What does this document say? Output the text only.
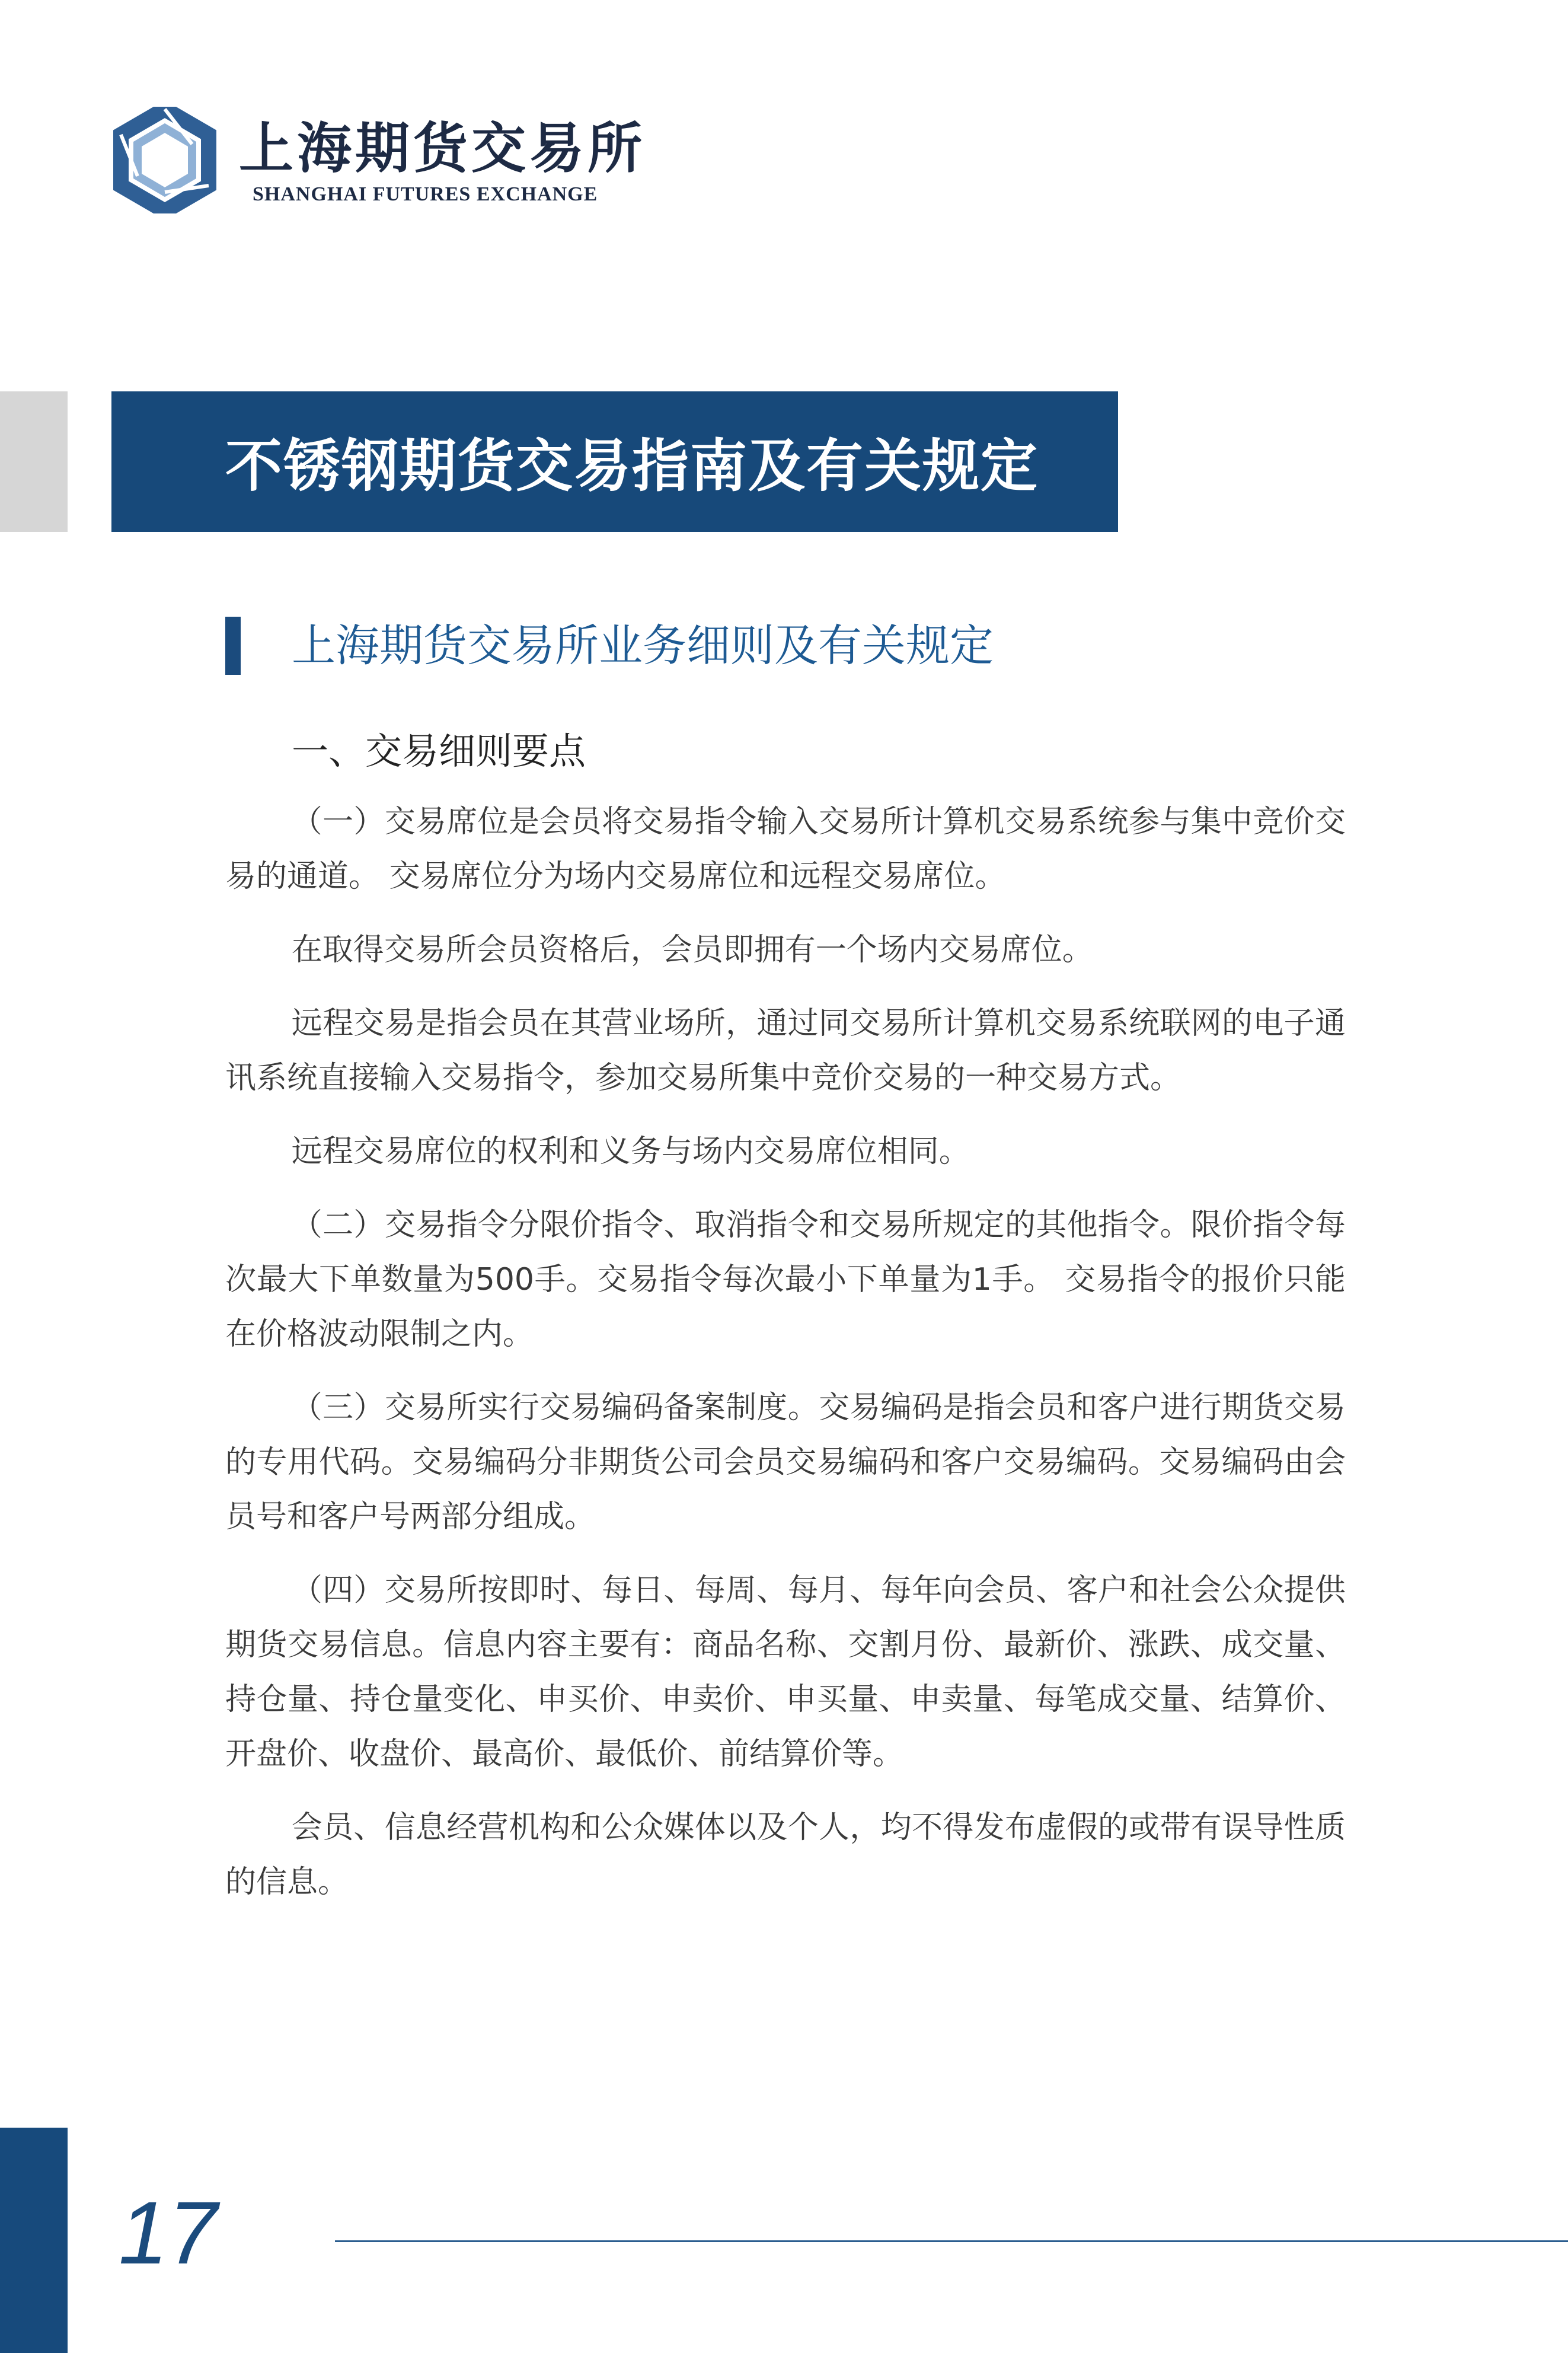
上海期货交易所
SHANGHAI FUTURES EXCHANGE
不锈钢期货交易指南及有关规定
上海期货交易所业务细则及有关规定
一、交易细则要点

（一）交易席位是会员将交易指令输入交易所计算机交易系统参与集中竞价交易的通道。 交易席位分为场内交易席位和远程交易席位。

在取得交易所会员资格后，会员即拥有一个场内交易席位。

远程交易是指会员在其营业场所，通过同交易所计算机交易系统联网的电子通讯系统直接输入交易指令，参加交易所集中竞价交易的一种交易方式。

远程交易席位的权利和义务与场内交易席位相同。

（二）交易指令分限价指令、取消指令和交易所规定的其他指令。限价指令每次最大下单数量为500手。交易指令每次最小下单量为1手。 交易指令的报价只能在价格波动限制之内。

（三）交易所实行交易编码备案制度。交易编码是指会员和客户进行期货交易的专用代码。交易编码分非期货公司会员交易编码和客户交易编码。交易编码由会员号和客户号两部分组成。

（四）交易所按即时、每日、每周、每月、每年向会员、客户和社会公众提供期货交易信息。信息内容主要有：商品名称、交割月份、最新价、涨跌、成交量、持仓量、持仓量变化、申买价、申卖价、申买量、申卖量、每笔成交量、结算价、开盘价、收盘价、最高价、最低价、前结算价等。

会员、信息经营机构和公众媒体以及个人，均不得发布虚假的或带有误导性质的信息。

17
